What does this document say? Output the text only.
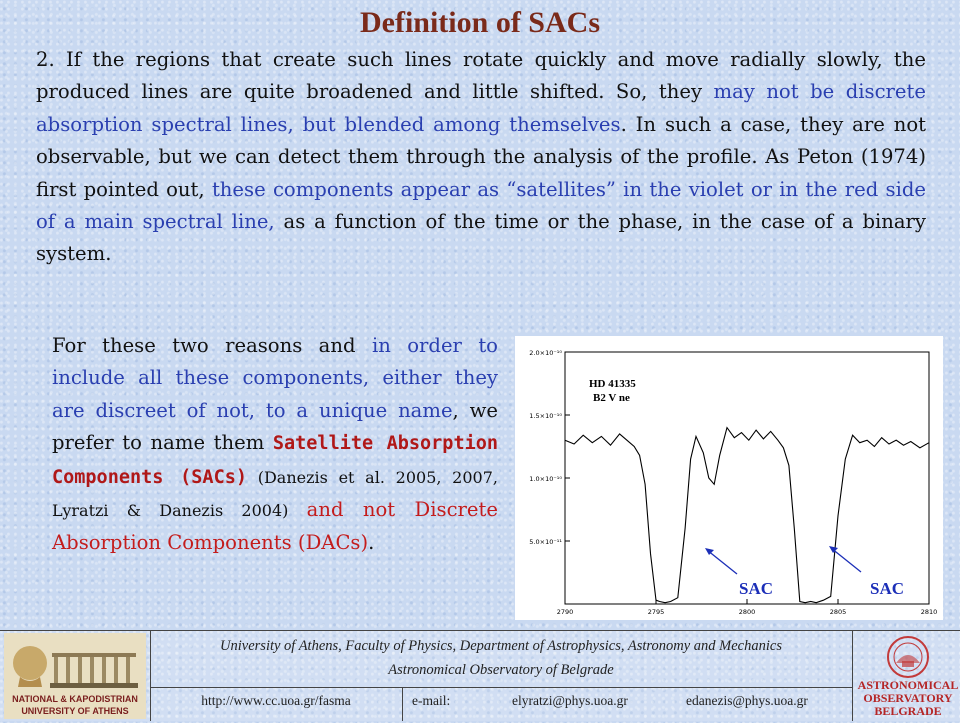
Definition of SACs

2. If the regions that create such lines rotate quickly and move radially slowly, the produced lines are quite broadened and little shifted. So, they may not be discrete absorption spectral lines, but blended among themselves. In such a case, they are not observable, but we can detect them through the analysis of the profile. As Peton (1974) first pointed out, these components appear as “satellites” in the violet or in the red side of a main spectral line, as a function of the time or the phase, in the case of a binary system.

For these two reasons and in order to include all these components, either they are discreet of not, to a unique name, we prefer to name them Satellite Absorption Components (SACs) (Danezis et al. 2005, 2007, Lyratzi & Danezis 2004) and not Discrete Absorption Components (DACs).	5.0×10⁻¹¹
1.0×10⁻¹⁰
1.5×10⁻¹⁰
2.0×10⁻¹⁰
2790	2795	2800	2805	2810
HD 41335
B2 V ne
SAC	SAC
NATIONAL & KAPODISTRIAN
UNIVERSITY OF ATHENS
University of Athens, Faculty of Physics, Department of Astrophysics, Astronomy and Mechanics
Astronomical Observatory of Belgrade
http://www.cc.uoa.gr/fasma	e-mail:	elyratzi@phys.uoa.gr	edanezis@phys.uoa.gr
ASTRONOMICAL
OBSERVATORY
BELGRADE
